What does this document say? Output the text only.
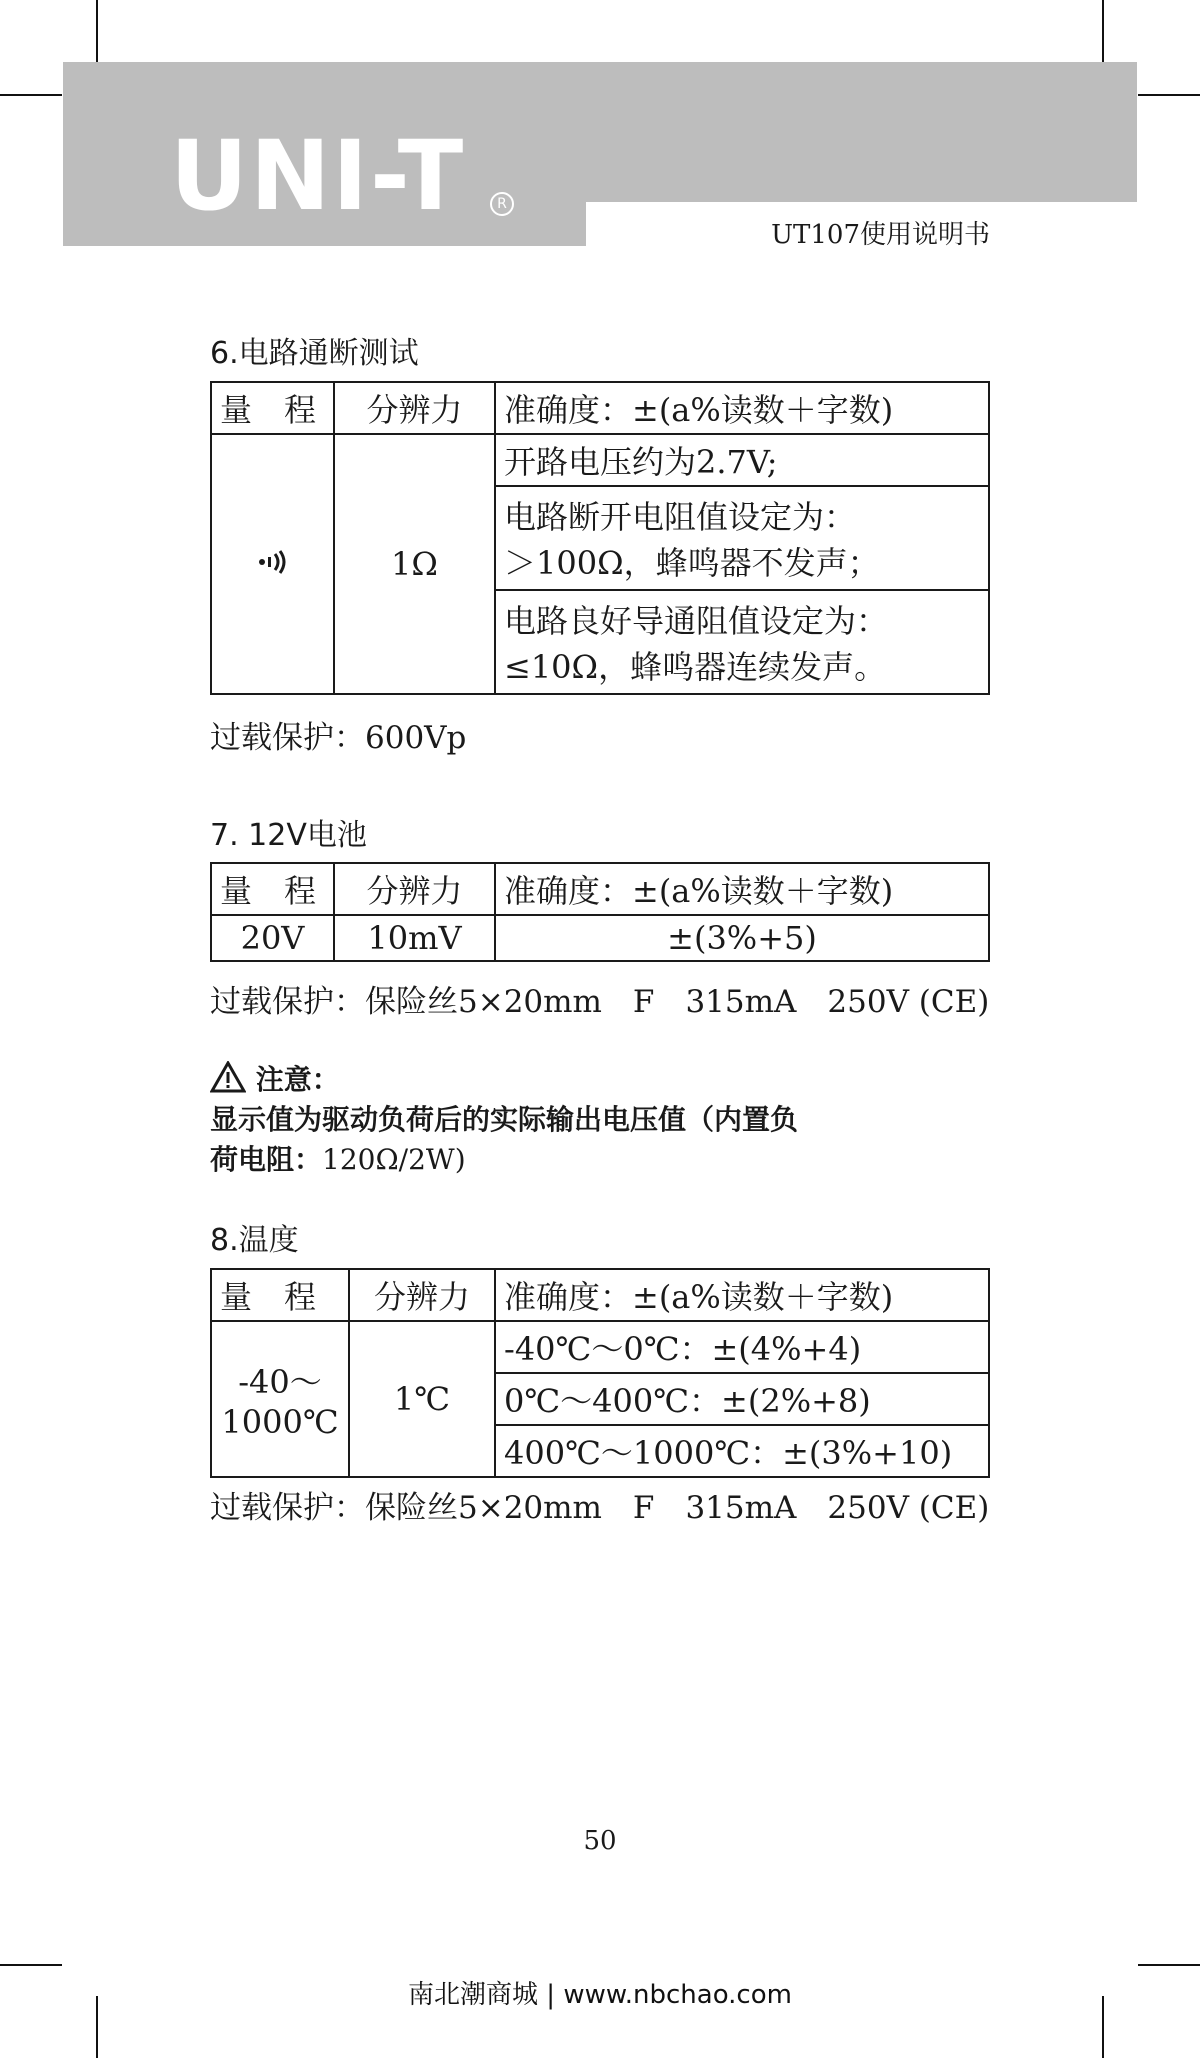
UNI-T	R
UT107使用说明书
6.电路通断测试
量　程	分辨力	准确度：±(a%读数＋字数)
	1Ω	开路电压约为2.7V;

		电路断开电阻值设定为：
＞100Ω，蜂鸣器不发声；

		电路良好导通阻值设定为：
≤10Ω，蜂鸣器连续发声。
过载保护：600Vp
7. 12V电池
量　程	分辨力	准确度：±(a%读数＋字数)
20V	10mV	±(3%+5)
过载保护：保险丝5×20mm　F　315mA　250V (CE)
注意：
显示值为驱动负荷后的实际输出电压值（内置负
荷电阻：120Ω/2W)
8.温度
量　程	分辨力	准确度：±(a%读数＋字数)

-40～
1000℃	1℃	-40℃～0℃：±(4%+4)
		0℃～400℃：±(2%+8)
		400℃～1000℃：±(3%+10)
过载保护：保险丝5×20mm　F　315mA　250V (CE)
50
南北潮商城 | www.nbchao.com
